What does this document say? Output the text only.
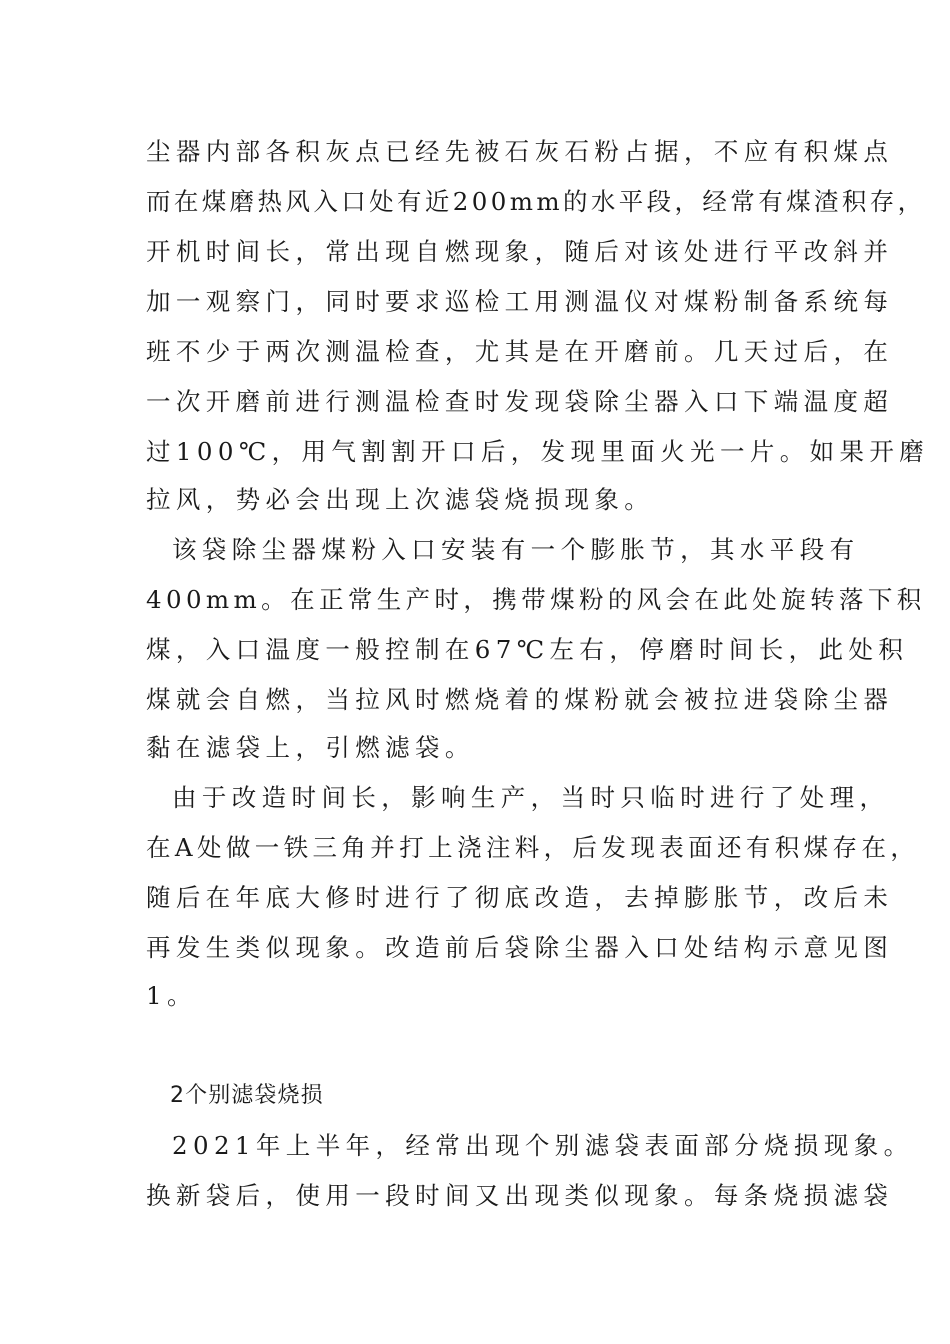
尘器内部各积灰点已经先被石灰石粉占据，不应有积煤点
而在煤磨热风入口处有近200mm的水平段，经常有煤渣积存，
开机时间长，常出现自燃现象，随后对该处进行平改斜并
加一观察门，同时要求巡检工用测温仪对煤粉制备系统每
班不少于两次测温检查，尤其是在开磨前。几天过后，在
一次开磨前进行测温检查时发现袋除尘器入口下端温度超
过100℃，用气割割开口后，发现里面火光一片。如果开磨
拉风，势必会出现上次滤袋烧损现象。
该袋除尘器煤粉入口安装有一个膨胀节，其水平段有
400mm。在正常生产时，携带煤粉的风会在此处旋转落下积
煤，入口温度一般控制在67℃左右，停磨时间长，此处积
煤就会自燃，当拉风时燃烧着的煤粉就会被拉进袋除尘器
黏在滤袋上，引燃滤袋。
由于改造时间长，影响生产，当时只临时进行了处理，
在A处做一铁三角并打上浇注料，后发现表面还有积煤存在，
随后在年底大修时进行了彻底改造，去掉膨胀节，改后未
再发生类似现象。改造前后袋除尘器入口处结构示意见图
1。
2个别滤袋烧损
2021年上半年，经常出现个别滤袋表面部分烧损现象。
换新袋后，使用一段时间又出现类似现象。每条烧损滤袋
